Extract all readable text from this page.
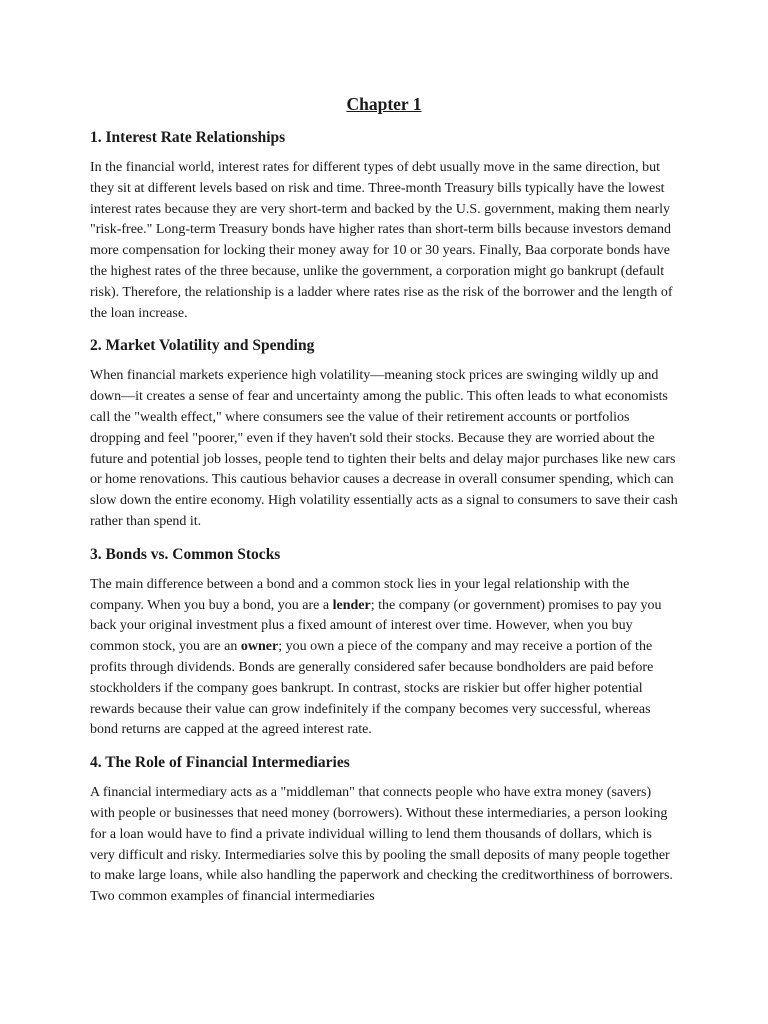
Chapter 1
1. Interest Rate Relationships

In the financial world, interest rates for different types of debt usually move in the same direction, but they sit at different levels based on risk and time. Three-month Treasury bills typically have the lowest interest rates because they are very short-term and backed by the U.S. government, making them nearly "risk-free." Long-term Treasury bonds have higher rates than short-term bills because investors demand more compensation for locking their money away for 10 or 30 years. Finally, Baa corporate bonds have the highest rates of the three because, unlike the government, a corporation might go bankrupt (default risk). Therefore, the relationship is a ladder where rates rise as the risk of the borrower and the length of the loan increase.

2. Market Volatility and Spending

When financial markets experience high volatility—meaning stock prices are swinging wildly up and down—it creates a sense of fear and uncertainty among the public. This often leads to what economists call the "wealth effect," where consumers see the value of their retirement accounts or portfolios dropping and feel "poorer," even if they haven't sold their stocks. Because they are worried about the future and potential job losses, people tend to tighten their belts and delay major purchases like new cars or home renovations. This cautious behavior causes a decrease in overall consumer spending, which can slow down the entire economy. High volatility essentially acts as a signal to consumers to save their cash rather than spend it.

3. Bonds vs. Common Stocks

The main difference between a bond and a common stock lies in your legal relationship with the company. When you buy a bond, you are a lender; the company (or government) promises to pay you back your original investment plus a fixed amount of interest over time. However, when you buy common stock, you are an owner; you own a piece of the company and may receive a portion of the profits through dividends. Bonds are generally considered safer because bondholders are paid before stockholders if the company goes bankrupt. In contrast, stocks are riskier but offer higher potential rewards because their value can grow indefinitely if the company becomes very successful, whereas bond returns are capped at the agreed interest rate.

4. The Role of Financial Intermediaries

A financial intermediary acts as a "middleman" that connects people who have extra money (savers) with people or businesses that need money (borrowers). Without these intermediaries, a person looking for a loan would have to find a private individual willing to lend them thousands of dollars, which is very difficult and risky. Intermediaries solve this by pooling the small deposits of many people together to make large loans, while also handling the paperwork and checking the creditworthiness of borrowers. Two common examples of financial intermediaries
